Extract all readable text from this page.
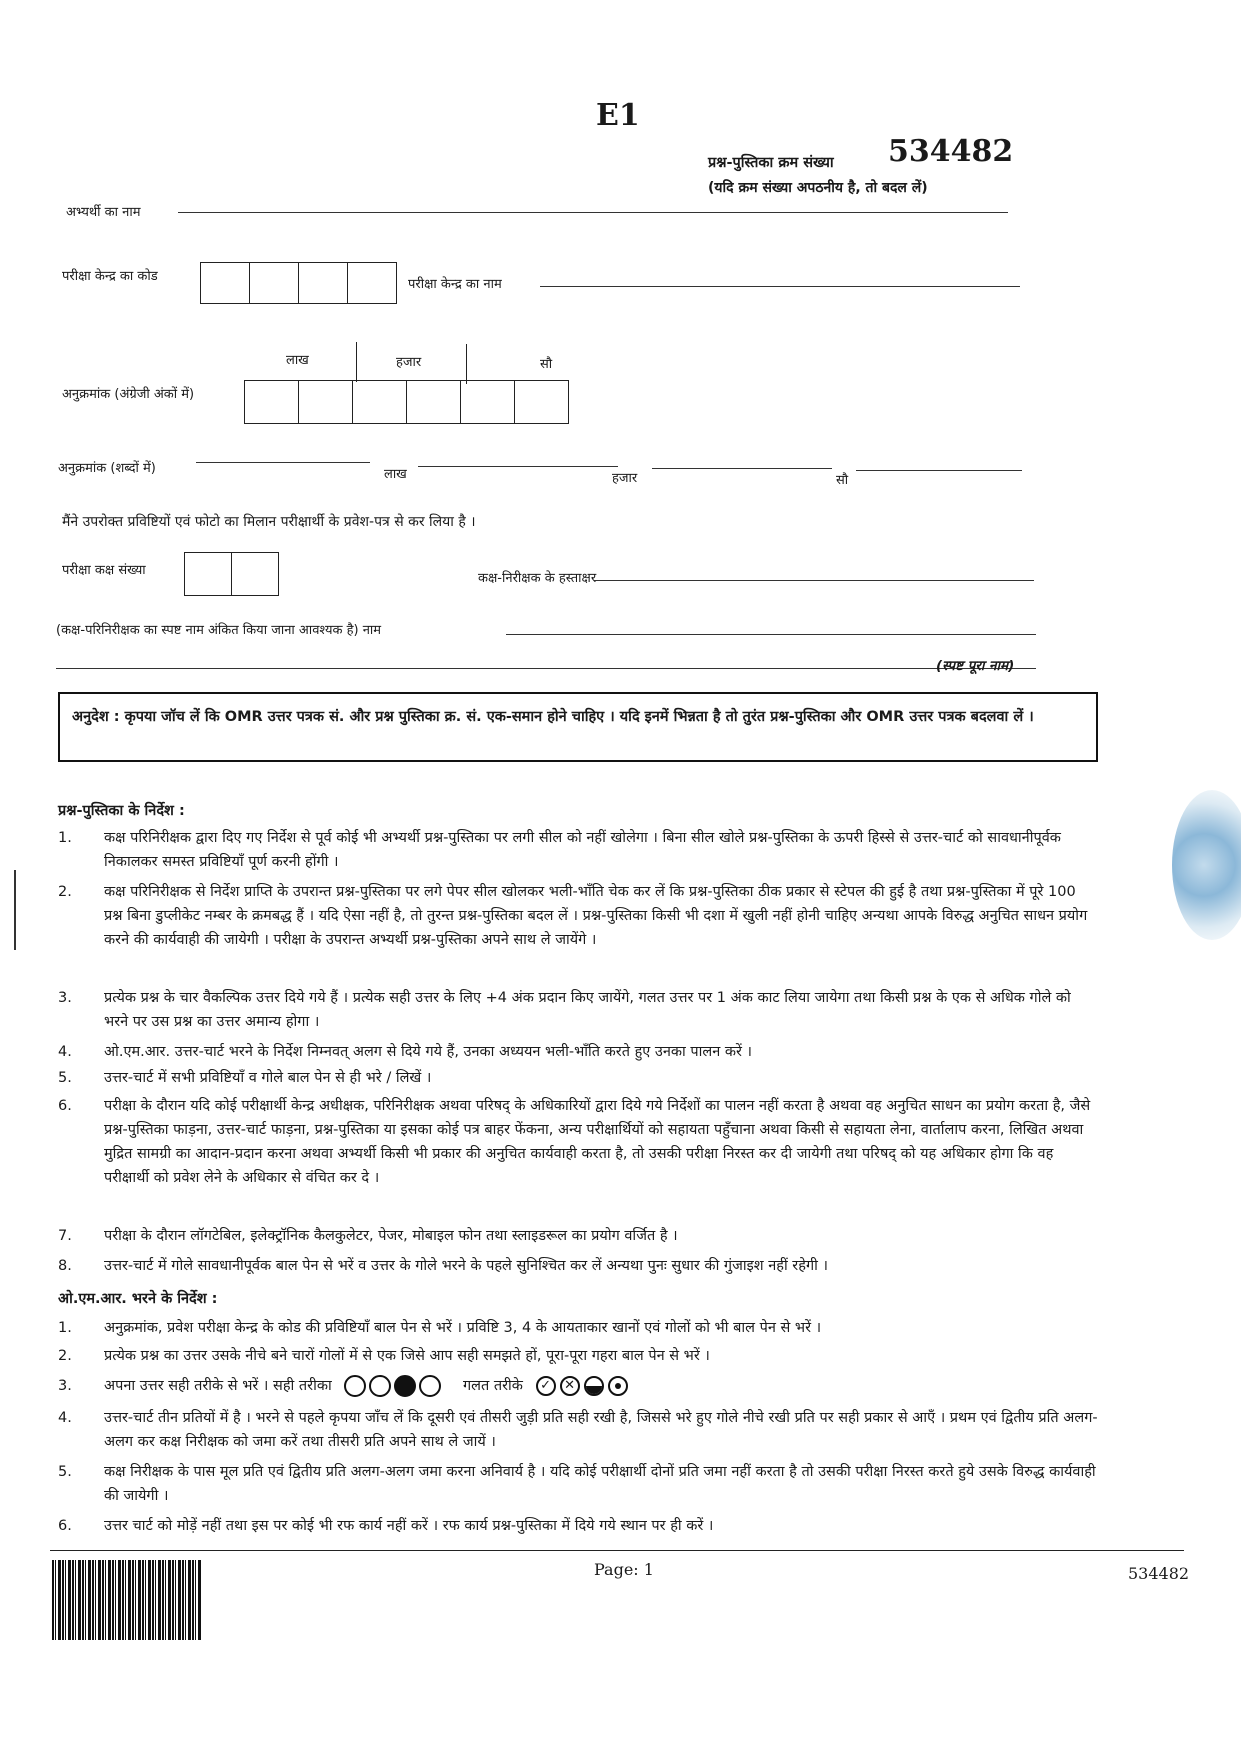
E1
प्रश्न-पुस्तिका क्रम संख्या 534482
(यदि क्रम संख्या अपठनीय है, तो बदल लें)
अभ्यर्थी का नाम
परीक्षा केन्द्र का कोड
परीक्षा केन्द्र का नाम
लाख	हजार	सौ
अनुक्रमांक (अंग्रेजी अंकों में)
अनुक्रमांक (शब्दों में)	लाख	हजार	सौ
मैंने उपरोक्त प्रविष्टियों एवं फोटो का मिलान परीक्षार्थी के प्रवेश-पत्र से कर लिया है ।
परीक्षा कक्ष संख्या
कक्ष-निरीक्षक के हस्ताक्षर
(कक्ष-परिनिरीक्षक का स्पष्ट नाम अंकित किया जाना आवश्यक है) नाम
(स्पष्ट पूरा नाम)
अनुदेश : कृपया जॉच लें कि OMR उत्तर पत्रक सं. और प्रश्न पुस्तिका क्र. सं. एक-समान होने चाहिए । यदि इनमें भिन्नता है तो तुरंत प्रश्न-पुस्तिका और OMR उत्तर पत्रक बदलवा लें ।
प्रश्न-पुस्तिका के निर्देश :
1. कक्ष परिनिरीक्षक द्वारा दिए गए निर्देश से पूर्व कोई भी अभ्यर्थी प्रश्न-पुस्तिका पर लगी सील को नहीं खोलेगा । बिना सील खोले प्रश्न-पुस्तिका के ऊपरी हिस्से से उत्तर-चार्ट को सावधानीपूर्वक निकालकर समस्त प्रविष्टियाँ पूर्ण करनी होंगी ।
2. कक्ष परिनिरीक्षक से निर्देश प्राप्ति के उपरान्त प्रश्न-पुस्तिका पर लगे पेपर सील खोलकर भली-भाँति चेक कर लें कि प्रश्न-पुस्तिका ठीक प्रकार से स्टेपल की हुई है तथा प्रश्न-पुस्तिका में पूरे 100 प्रश्न बिना डुप्लीकेट नम्बर के क्रमबद्ध हैं । यदि ऐसा नहीं है, तो तुरन्त प्रश्न-पुस्तिका बदल लें । प्रश्न-पुस्तिका किसी भी दशा में खुली नहीं होनी चाहिए अन्यथा आपके विरुद्ध अनुचित साधन प्रयोग करने की कार्यवाही की जायेगी । परीक्षा के उपरान्त अभ्यर्थी प्रश्न-पुस्तिका अपने साथ ले जायेंगे ।
3. प्रत्येक प्रश्न के चार वैकल्पिक उत्तर दिये गये हैं । प्रत्येक सही उत्तर के लिए +4 अंक प्रदान किए जायेंगे, गलत उत्तर पर 1 अंक काट लिया जायेगा तथा किसी प्रश्न के एक से अधिक गोले को भरने पर उस प्रश्न का उत्तर अमान्य होगा ।
4. ओ.एम.आर. उत्तर-चार्ट भरने के निर्देश निम्नवत् अलग से दिये गये हैं, उनका अध्ययन भली-भाँति करते हुए उनका पालन करें ।
5. उत्तर-चार्ट में सभी प्रविष्टियाँ व गोले बाल पेन से ही भरे / लिखें ।
6. परीक्षा के दौरान यदि कोई परीक्षार्थी केन्द्र अधीक्षक, परिनिरीक्षक अथवा परिषद् के अधिकारियों द्वारा दिये गये निर्देशों का पालन नहीं करता है अथवा वह अनुचित साधन का प्रयोग करता है, जैसे प्रश्न-पुस्तिका फाड़ना, उत्तर-चार्ट फाड़ना, प्रश्न-पुस्तिका या इसका कोई पत्र बाहर फेंकना, अन्य परीक्षार्थियों को सहायता पहुँचाना अथवा किसी से सहायता लेना, वार्तालाप करना, लिखित अथवा मुद्रित सामग्री का आदान-प्रदान करना अथवा अभ्यर्थी किसी भी प्रकार की अनुचित कार्यवाही करता है, तो उसकी परीक्षा निरस्त कर दी जायेगी तथा परिषद् को यह अधिकार होगा कि वह परीक्षार्थी को प्रवेश लेने के अधिकार से वंचित कर दे ।
7. परीक्षा के दौरान लॉगटेबिल, इलेक्ट्रॉनिक कैलकुलेटर, पेजर, मोबाइल फोन तथा स्लाइडरूल का प्रयोग वर्जित है ।
8. उत्तर-चार्ट में गोले सावधानीपूर्वक बाल पेन से भरें व उत्तर के गोले भरने के पहले सुनिश्चित कर लें अन्यथा पुनः सुधार की गुंजाइश नहीं रहेगी ।
ओ.एम.आर. भरने के निर्देश :
1. अनुक्रमांक, प्रवेश परीक्षा केन्द्र के कोड की प्रविष्टियाँ बाल पेन से भरें । प्रविष्टि 3, 4 के आयताकार खानों एवं गोलों को भी बाल पेन से भरें ।
2. प्रत्येक प्रश्न का उत्तर उसके नीचे बने चारों गोलों में से एक जिसे आप सही समझते हों, पूरा-पूरा गहरा बाल पेन से भरें ।
3. अपना उत्तर सही तरीके से भरें । सही तरीका	गलत तरीके ✓ ✕
4. उत्तर-चार्ट तीन प्रतियों में है । भरने से पहले कृपया जाँच लें कि दूसरी एवं तीसरी जुड़ी प्रति सही रखी है, जिससे भरे हुए गोले नीचे रखी प्रति पर सही प्रकार से आएँ । प्रथम एवं द्वितीय प्रति अलग-अलग कर कक्ष निरीक्षक को जमा करें तथा तीसरी प्रति अपने साथ ले जायें ।
5. कक्ष निरीक्षक के पास मूल प्रति एवं द्वितीय प्रति अलग-अलग जमा करना अनिवार्य है । यदि कोई परीक्षार्थी दोनों प्रति जमा नहीं करता है तो उसकी परीक्षा निरस्त करते हुये उसके विरुद्ध कार्यवाही की जायेगी ।
6. उत्तर चार्ट को मोड़ें नहीं तथा इस पर कोई भी रफ कार्य नहीं करें । रफ कार्य प्रश्न-पुस्तिका में दिये गये स्थान पर ही करें ।
Page: 1	534482
